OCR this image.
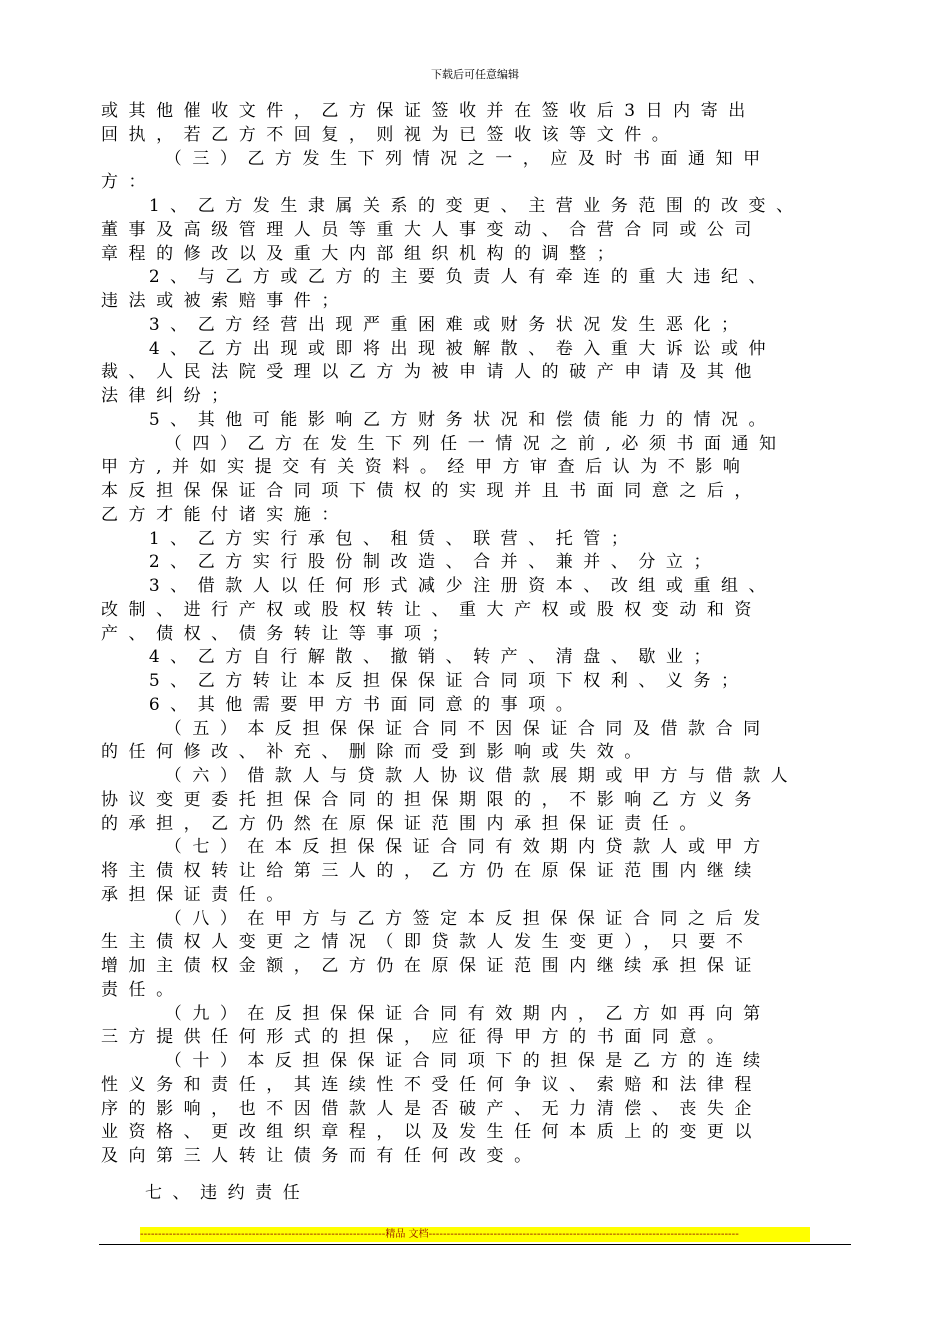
下载后可任意编辑
或其他催收文件，乙方保证签收并在签收后3日内寄出
回执，若乙方不回复，则视为已签收该等文件。
（三）乙方发生下列情况之一，应及时书面通知甲
方：
1、乙方发生隶属关系的变更、主营业务范围的改变、
董事及高级管理人员等重大人事变动、合营合同或公司
章程的修改以及重大内部组织机构的调整；
2、与乙方或乙方的主要负责人有牵连的重大违纪、
违法或被索赔事件；
3、乙方经营出现严重困难或财务状况发生恶化；
4、乙方出现或即将出现被解散、卷入重大诉讼或仲
裁、人民法院受理以乙方为被申请人的破产申请及其他
法律纠纷；
5、其他可能影响乙方财务状况和偿债能力的情况。
（四）乙方在发生下列任一情况之前,必须书面通知
甲方,并如实提交有关资料。经甲方审查后认为不影响
本反担保保证合同项下债权的实现并且书面同意之后，
乙方才能付诸实施：
1、乙方实行承包、租赁、联营、托管；
2、乙方实行股份制改造、合并、兼并、分立；
3、借款人以任何形式减少注册资本、改组或重组、
改制、进行产权或股权转让、重大产权或股权变动和资
产、债权、债务转让等事项；
4、乙方自行解散、撤销、转产、清盘、歇业；
5、乙方转让本反担保保证合同项下权利、义务；
6、其他需要甲方书面同意的事项。
（五）本反担保保证合同不因保证合同及借款合同
的任何修改、补充、删除而受到影响或失效。
（六）借款人与贷款人协议借款展期或甲方与借款人
协议变更委托担保合同的担保期限的，不影响乙方义务
的承担，乙方仍然在原保证范围内承担保证责任。
（七）在本反担保保证合同有效期内贷款人或甲方
将主债权转让给第三人的，乙方仍在原保证范围内继续
承担保证责任。
（八）在甲方与乙方签定本反担保保证合同之后发
生主债权人变更之情况（即贷款人发生变更），只要不
增加主债权金额，乙方仍在原保证范围内继续承担保证
责任。
（九）在反担保保证合同有效期内，乙方如再向第
三方提供任何形式的担保，应征得甲方的书面同意。
（十）本反担保保证合同项下的担保是乙方的连续
性义务和责任，其连续性不受任何争议、索赔和法律程
序的影响，也不因借款人是否破产、无力清偿、丧失企
业资格、更改组织章程，以及发生任何本质上的变更以
及向第三人转让债务而有任何改变。
七、违约责任
--------------------------------------------------------------------精品 文档--------------------------------------------------------------------------------------
